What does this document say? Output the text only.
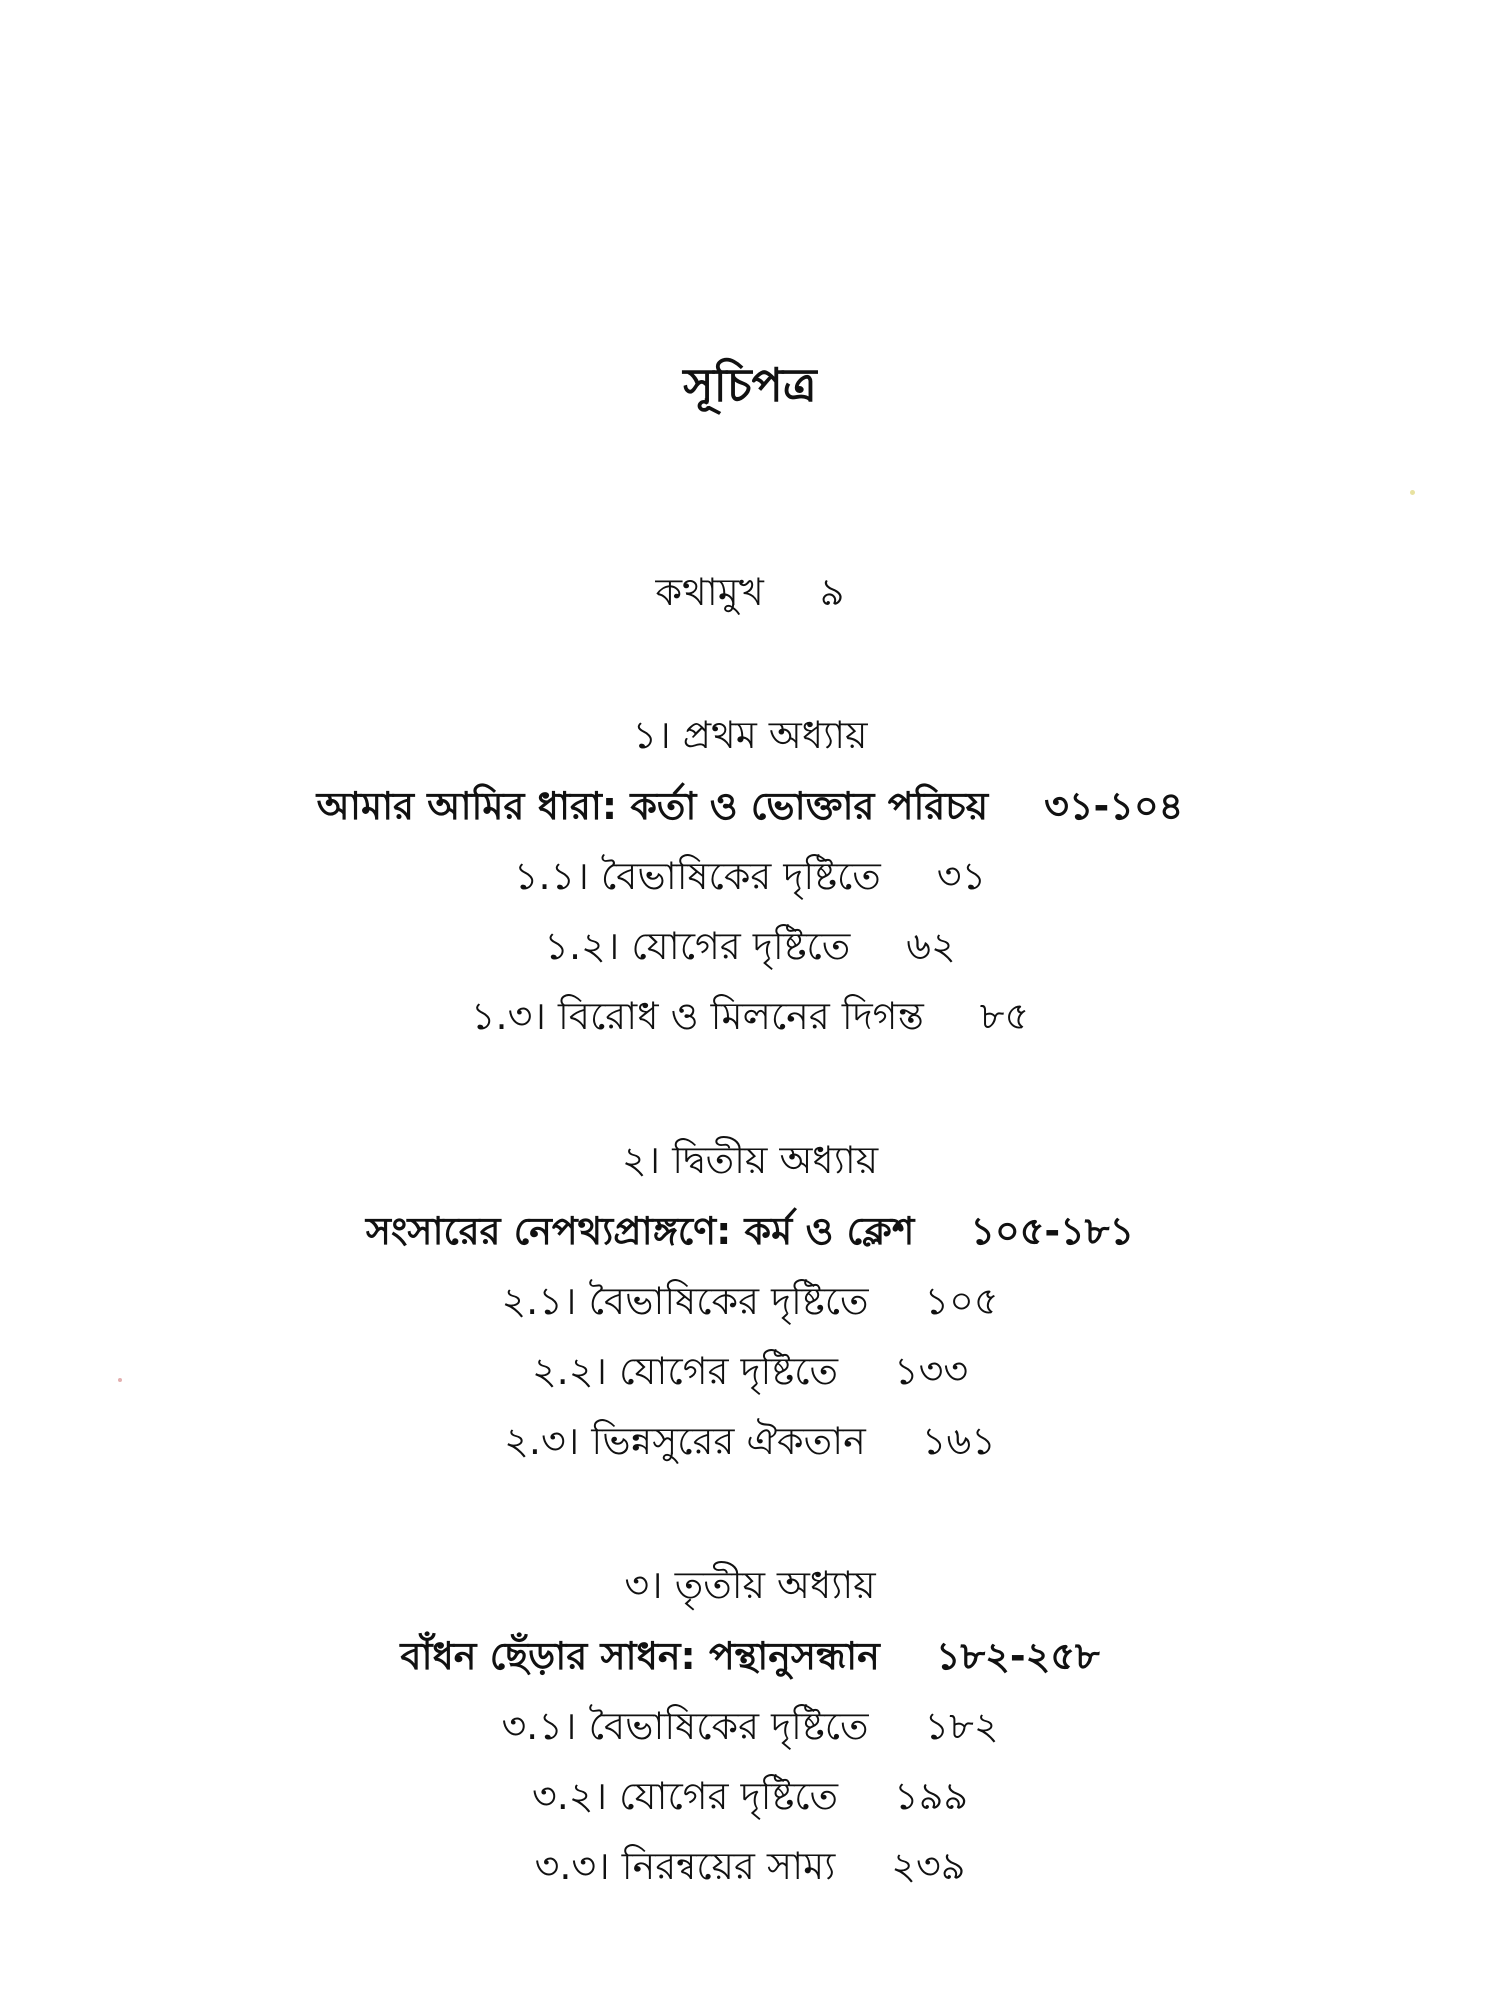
সূচিপত্র
কথামুখ ৯
১। প্রথম অধ্যায়
আমার আমির ধারা: কর্তা ও ভোক্তার পরিচয় ৩১-১০৪
১.১। বৈভাষিকের দৃষ্টিতে ৩১
১.২। যোগের দৃষ্টিতে ৬২
১.৩। বিরোধ ও মিলনের দিগন্ত ৮৫
২। দ্বিতীয় অধ্যায়
সংসারের নেপথ্যপ্রাঙ্গণে: কর্ম ও ক্লেশ ১০৫-১৮১
২.১। বৈভাষিকের দৃষ্টিতে ১০৫
২.২। যোগের দৃষ্টিতে ১৩৩
২.৩। ভিন্নসুরের ঐকতান ১৬১
৩। তৃতীয় অধ্যায়
বাঁধন ছেঁড়ার সাধন: পন্থানুসন্ধান ১৮২-২৫৮
৩.১। বৈভাষিকের দৃষ্টিতে ১৮২
৩.২। যোগের দৃষ্টিতে ১৯৯
৩.৩। নিরন্বয়ের সাম্য ২৩৯
